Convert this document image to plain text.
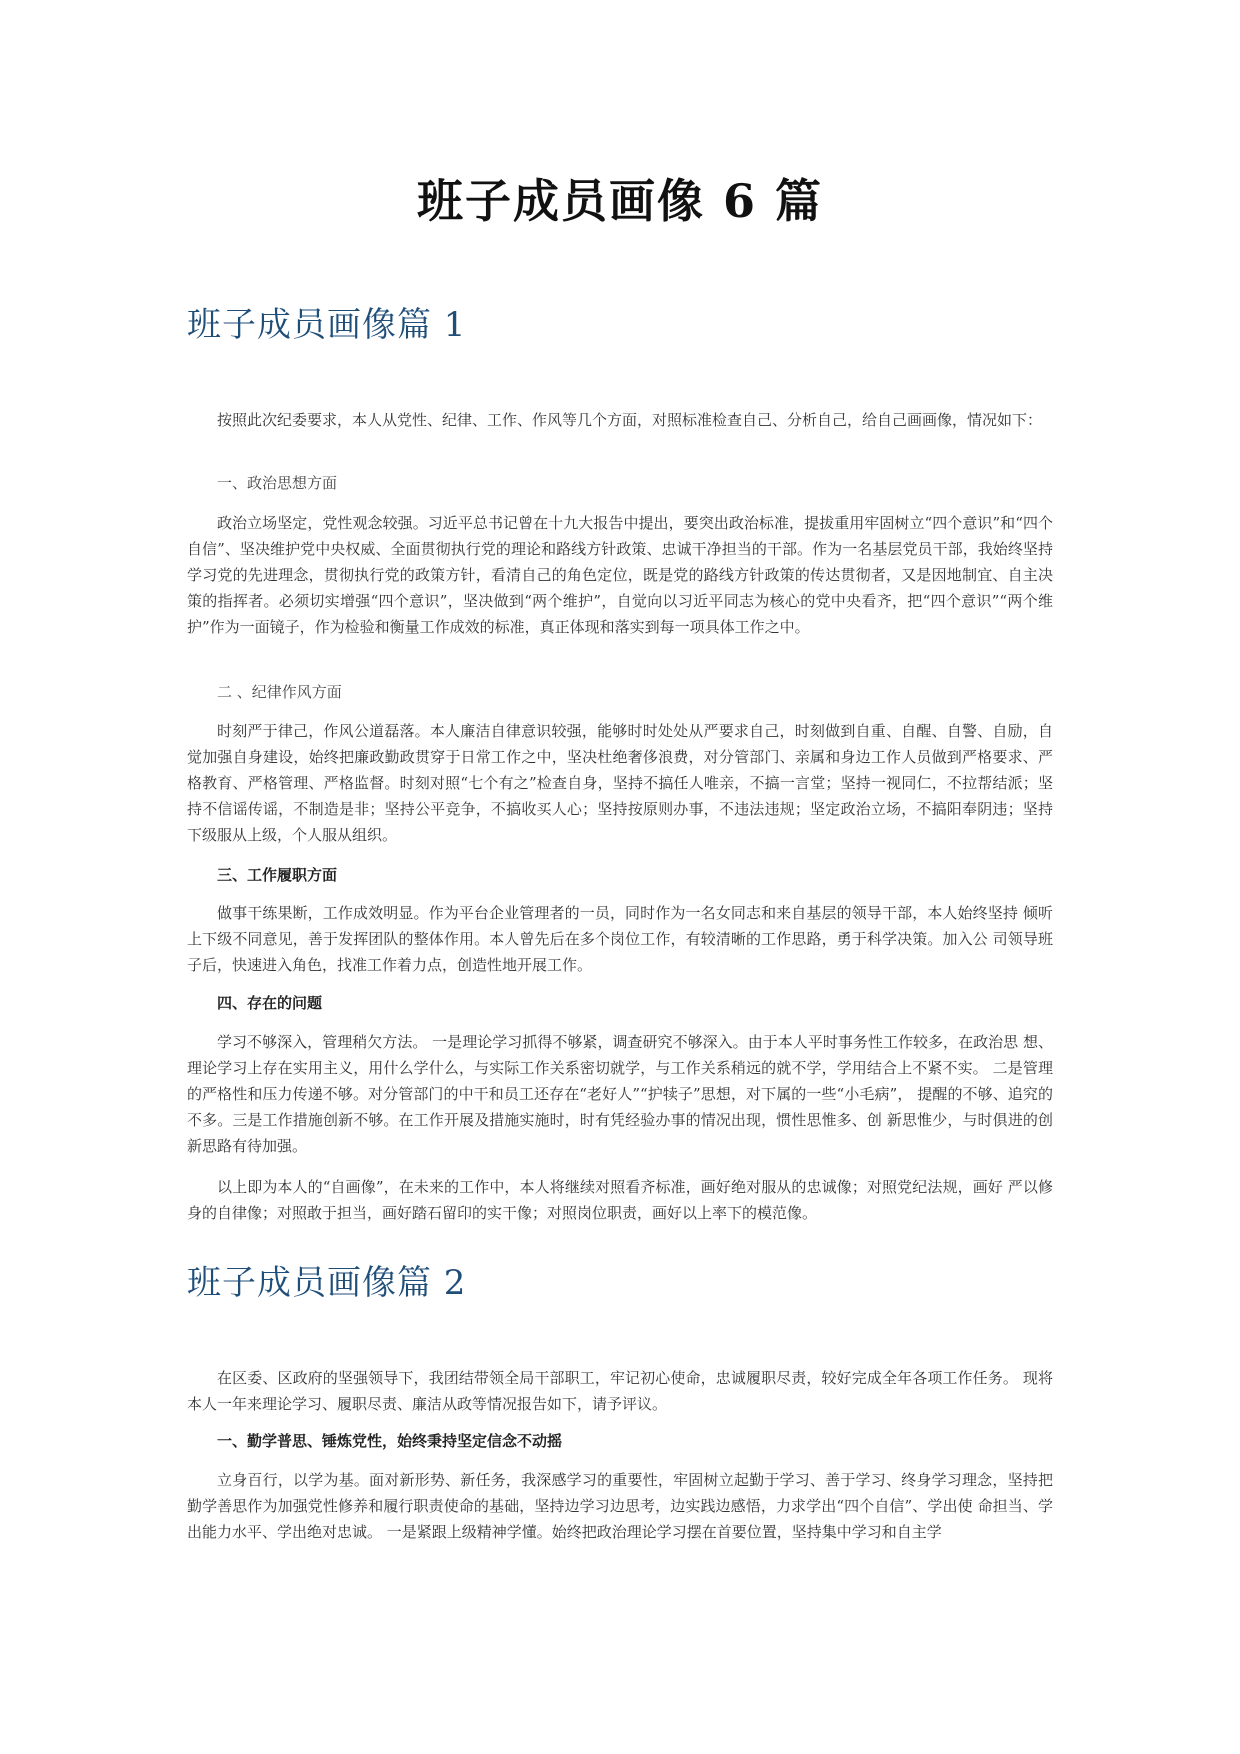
班子成员画像 6 篇
班子成员画像篇 1

按照此次纪委要求，本人从党性、纪律、工作、作风等几个方面，对照标准检查自己、分析自己，给自己画画像，情况如下：

一、政治思想方面

政治立场坚定，党性观念较强。习近平总书记曾在十九大报告中提出，要突出政治标准，提拔重用牢固树立“四个意识”和“四个自信”、坚决维护党中央权威、全面贯彻执行党的理论和路线方针政策、忠诚干净担当的干部。作为一名基层党员干部，我始终坚持学习党的先进理念，贯彻执行党的政策方针，看清自己的角色定位，既是党的路线方针政策的传达贯彻者，又是因地制宜、自主决策的指挥者。必须切实增强“四个意识”，坚决做到“两个维护”，自觉向以习近平同志为核心的党中央看齐，把“四个意识”“两个维护”作为一面镜子，作为检验和衡量工作成效的标准，真正体现和落实到每一项具体工作之中。

二 、纪律作风方面

时刻严于律己，作风公道磊落。本人廉洁自律意识较强，能够时时处处从严要求自己，时刻做到自重、自醒、自警、自励，自觉加强自身建设，始终把廉政勤政贯穿于日常工作之中，坚决杜绝奢侈浪费，对分管部门、亲属和身边工作人员做到严格要求、严格教育、严格管理、严格监督。时刻对照“七个有之”检查自身，坚持不搞任人唯亲，不搞一言堂；坚持一视同仁，不拉帮结派；坚持不信谣传谣，不制造是非；坚持公平竞争，不搞收买人心；坚持按原则办事，不违法违规；坚定政治立场，不搞阳奉阴违；坚持下级服从上级，个人服从组织。

三、工作履职方面

做事干练果断，工作成效明显。作为平台企业管理者的一员，同时作为一名女同志和来自基层的领导干部，本人始终坚持 倾听上下级不同意见，善于发挥团队的整体作用。本人曾先后在多个岗位工作，有较清晰的工作思路，勇于科学决策。加入公 司领导班子后，快速进入角色，找准工作着力点，创造性地开展工作。

四、存在的问题

学习不够深入，管理稍欠方法。 一是理论学习抓得不够紧，调查研究不够深入。由于本人平时事务性工作较多，在政治思 想、理论学习上存在实用主义，用什么学什么，与实际工作关系密切就学，与工作关系稍远的就不学，学用结合上不紧不实。 二是管理的严格性和压力传递不够。对分管部门的中干和员工还存在“老好人”“护犊子”思想，对下属的一些“小毛病”， 提醒的不够、追究的不多。三是工作措施创新不够。在工作开展及措施实施时，时有凭经验办事的情况出现，惯性思惟多、创 新思惟少，与时俱进的创新思路有待加强。

以上即为本人的“自画像”，在未来的工作中，本人将继续对照看齐标准，画好绝对服从的忠诚像；对照党纪法规，画好 严以修身的自律像；对照敢于担当，画好踏石留印的实干像；对照岗位职责，画好以上率下的模范像。

班子成员画像篇 2

在区委、区政府的坚强领导下，我团结带领全局干部职工，牢记初心使命，忠诚履职尽责，较好完成全年各项工作任务。 现将本人一年来理论学习、履职尽责、廉洁从政等情况报告如下，请予评议。

一、勤学普思、锤炼党性，始终秉持坚定信念不动摇

立身百行，以学为基。面对新形势、新任务，我深感学习的重要性，牢固树立起勤于学习、善于学习、终身学习理念，坚持把勤学善思作为加强党性修养和履行职责使命的基础，坚持边学习边思考，边实践边感悟，力求学出“四个自信”、学出使 命担当、学出能力水平、学出绝对忠诚。 一是紧跟上级精神学懂。始终把政治理论学习摆在首要位置，坚持集中学习和自主学
